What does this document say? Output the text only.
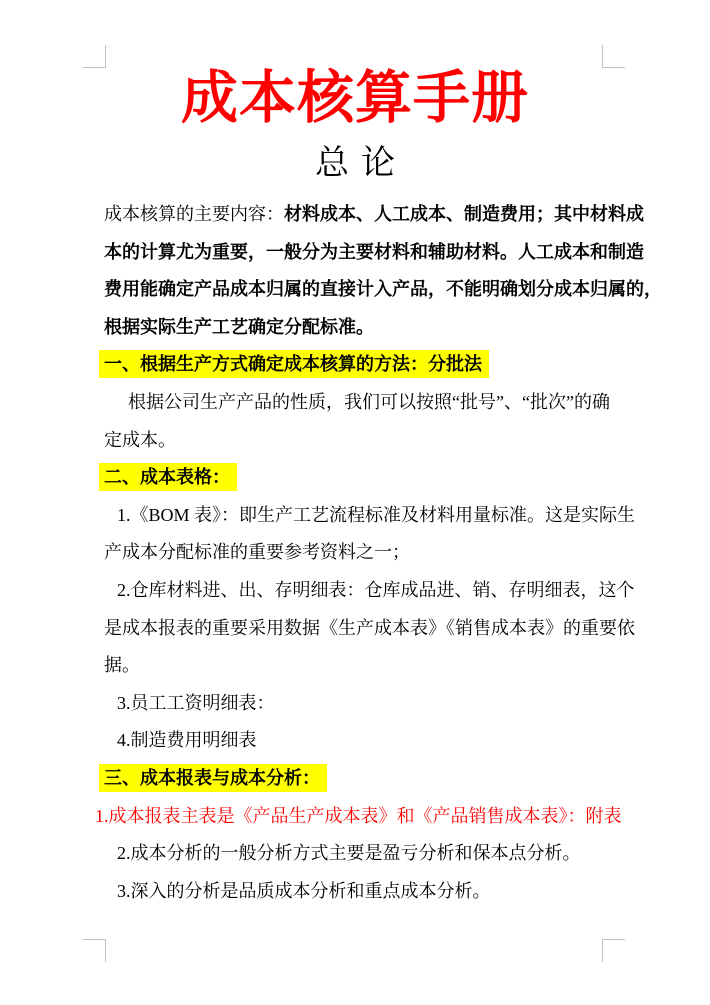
成本核算手册
总论
成本核算的主要内容：材料成本、人工成本、制造费用；其中材料成
本的计算尤为重要，一般分为主要材料和辅助材料。人工成本和制造
费用能确定产品成本归属的直接计入产品，不能明确划分成本归属的，
根据实际生产工艺确定分配标准。
一、根据生产方式确定成本核算的方法：分批法
根据公司生产产品的性质，我们可以按照“批号”、“批次”的确
定成本。
二、成本表格：
1.《BOM 表》：即生产工艺流程标准及材料用量标准。这是实际生
产成本分配标准的重要参考资料之一；
2.仓库材料进、出、存明细表：仓库成品进、销、存明细表，这个
是成本报表的重要采用数据《生产成本表》《销售成本表》的重要依
据。
3.员工工资明细表：
4.制造费用明细表
三、成本报表与成本分析：
1.成本报表主表是《产品生产成本表》和《产品销售成本表》：附表
2.成本分析的一般分析方式主要是盈亏分析和保本点分析。
3.深入的分析是品质成本分析和重点成本分析。
